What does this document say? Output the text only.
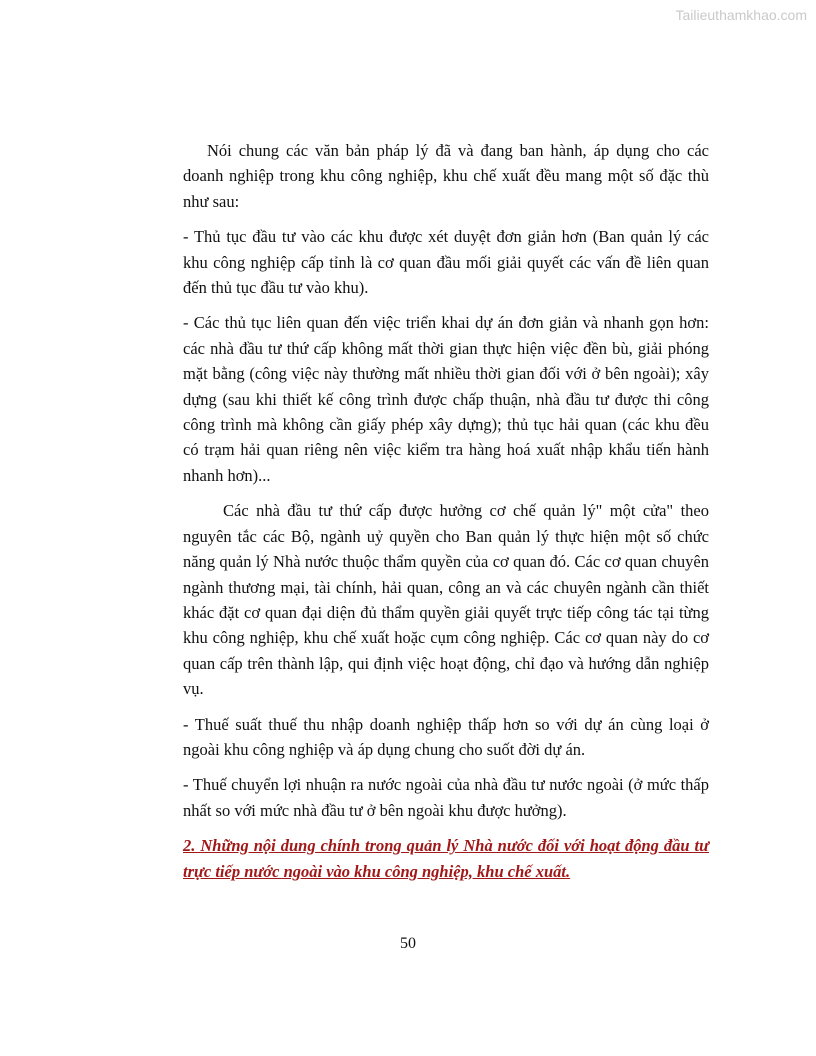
Tailieuthamkhao.com

Nói chung các văn bản pháp lý đã và đang ban hành, áp dụng cho các doanh nghiệp trong khu công nghiệp, khu chế xuất đều mang một số đặc thù như sau:

- Thủ tục đầu tư vào các khu được xét duyệt đơn giản hơn (Ban quản lý các khu công nghiệp cấp tỉnh là cơ quan đầu mối giải quyết các vấn đề liên quan đến thủ tục đầu tư vào khu).

- Các thủ tục liên quan đến việc triển khai dự án đơn giản và nhanh gọn hơn: các nhà đầu tư thứ cấp không mất thời gian thực hiện việc đền bù, giải phóng mặt bằng (công việc này thường mất nhiều thời gian đối với ở bên ngoài); xây dựng (sau khi thiết kế công trình được chấp thuận, nhà đầu tư được thi công công trình mà không cần giấy phép xây dựng); thủ tục hải quan (các khu đều có trạm hải quan riêng nên việc kiểm tra hàng hoá xuất nhập khẩu tiến hành nhanh hơn)...

Các nhà đầu tư thứ cấp được hưởng cơ chế quản lý" một cửa" theo nguyên tắc các Bộ, ngành uỷ quyền cho Ban quản lý thực hiện một số chức năng quản lý Nhà nước thuộc thẩm quyền của cơ quan đó. Các cơ quan chuyên ngành thương mại, tài chính, hải quan, công an và các chuyên ngành cần thiết khác đặt cơ quan đại diện đủ thẩm quyền giải quyết trực tiếp công tác tại từng khu công nghiệp, khu chế xuất hoặc cụm công nghiệp. Các cơ quan này do cơ quan cấp trên thành lập, qui định việc hoạt động, chỉ đạo và hướng dẫn nghiệp vụ.

- Thuế suất thuế thu nhập doanh nghiệp thấp hơn so với dự án cùng loại ở ngoài khu công nghiệp và áp dụng chung cho suốt đời dự án.

- Thuế chuyển lợi nhuận ra nước ngoài của nhà đầu tư nước ngoài (ở mức thấp nhất so với mức nhà đầu tư ở bên ngoài khu được hưởng).

2. Những nội dung chính trong quản lý Nhà nước đối với hoạt động đầu tư trực tiếp nước ngoài vào khu công nghiệp, khu chế xuất.

50
